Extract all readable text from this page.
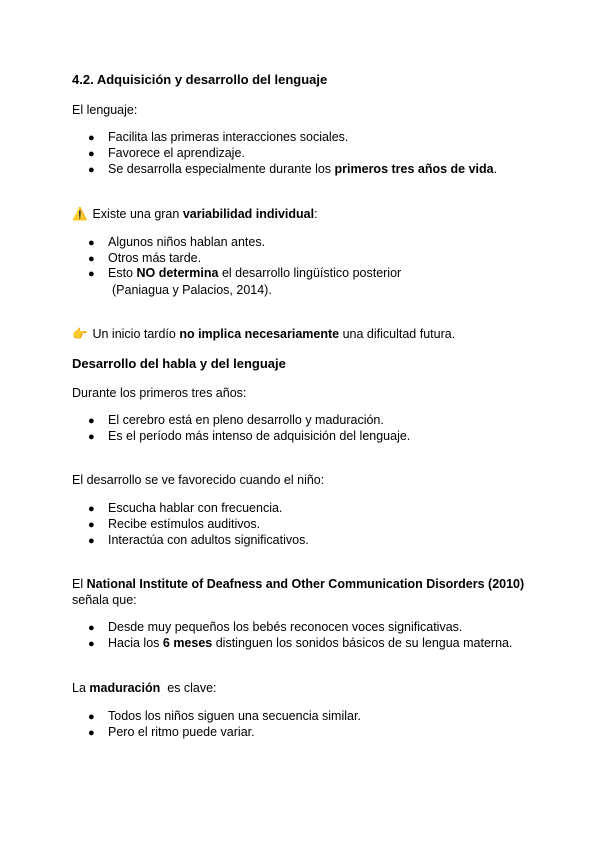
4.2. Adquisición y desarrollo del lenguaje
El lenguaje:
● Facilita las primeras interacciones sociales.
● Favorece el aprendizaje.
● Se desarrolla especialmente durante los primeros tres años de vida.
⚠️ Existe una gran variabilidad individual:
● Algunos niños hablan antes.
● Otros más tarde.
● Esto NO determina el desarrollo lingüístico posterior
(Paniagua y Palacios, 2014).
👉 Un inicio tardío no implica necesariamente una dificultad futura.
Desarrollo del habla y del lenguaje
Durante los primeros tres años:
● El cerebro está en pleno desarrollo y maduración.
● Es el período más intenso de adquisición del lenguaje.
El desarrollo se ve favorecido cuando el niño:
● Escucha hablar con frecuencia.
● Recibe estímulos auditivos.
● Interactúa con adultos significativos.
El National Institute of Deafness and Other Communication Disorders (2010)
señala que:
● Desde muy pequeños los bebés reconocen voces significativas.
● Hacia los 6 meses distinguen los sonidos básicos de su lengua materna.
La maduración  es clave:
● Todos los niños siguen una secuencia similar.
● Pero el ritmo puede variar.
